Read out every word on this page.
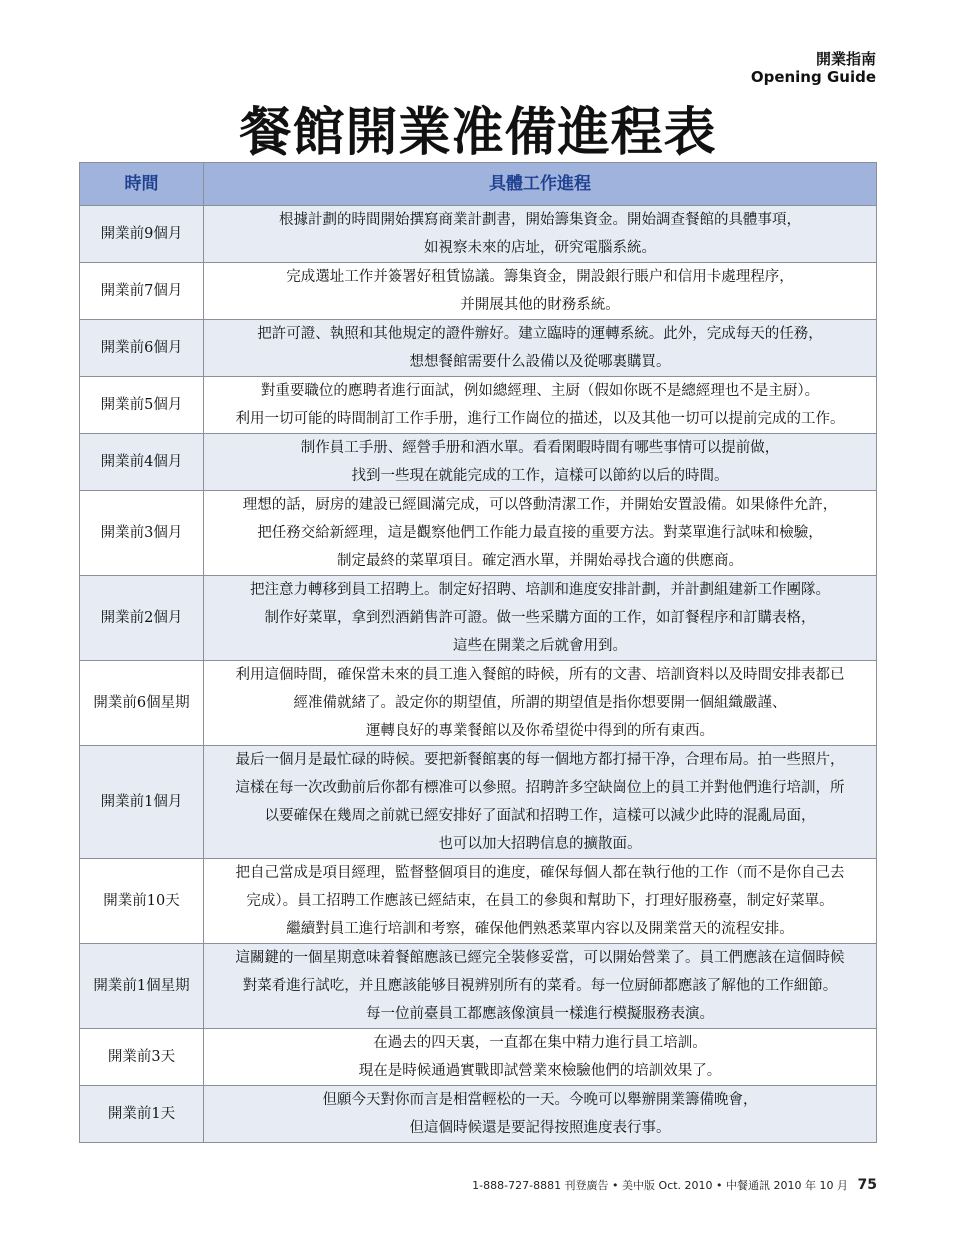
開業指南
Opening Guide
餐館開業准備進程表
時間	具體工作進程
開業前9個月	根據計劃的時間開始撰寫商業計劃書，開始籌集資金。開始調查餐館的具體事項，
如視察未來的店址，研究電腦系統。

開業前7個月	完成選址工作并簽署好租賃協議。籌集資金，開設銀行賬户和信用卡處理程序，
并開展其他的財務系統。

開業前6個月	把許可證、執照和其他規定的證件辦好。建立臨時的運轉系統。此外，完成每天的任務，
想想餐館需要什么設備以及從哪裏購買。

開業前5個月	對重要職位的應聘者進行面試，例如總經理、主厨（假如你既不是總經理也不是主厨）。
利用一切可能的時間制訂工作手册，進行工作崗位的描述，以及其他一切可以提前完成的工作。

開業前4個月	制作員工手册、經營手册和酒水單。看看閑暇時間有哪些事情可以提前做，
找到一些現在就能完成的工作，這樣可以節約以后的時間。

開業前3個月	理想的話，厨房的建設已經圓滿完成，可以啓動清潔工作，并開始安置設備。如果條件允許，
把任務交給新經理，這是觀察他們工作能力最直接的重要方法。對菜單進行試味和檢驗，
制定最終的菜單項目。確定酒水單，并開始尋找合適的供應商。

開業前2個月	把注意力轉移到員工招聘上。制定好招聘、培訓和進度安排計劃，并計劃組建新工作團隊。
制作好菜單，拿到烈酒銷售許可證。做一些采購方面的工作，如訂餐程序和訂購表格，
這些在開業之后就會用到。

開業前6個星期	利用這個時間，確保當未來的員工進入餐館的時候，所有的文書、培訓資料以及時間安排表都已
經准備就緒了。設定你的期望值，所謂的期望值是指你想要開一個組織嚴謹、
運轉良好的專業餐館以及你希望從中得到的所有東西。

開業前1個月	最后一個月是最忙碌的時候。要把新餐館裏的每一個地方都打掃干净，合理布局。拍一些照片，
這樣在每一次改動前后你都有標准可以參照。招聘許多空缺崗位上的員工并對他們進行培訓，所
以要確保在幾周之前就已經安排好了面試和招聘工作，這樣可以減少此時的混亂局面，
也可以加大招聘信息的擴散面。

開業前10天	把自己當成是項目經理，監督整個項目的進度，確保每個人都在執行他的工作（而不是你自己去
完成）。員工招聘工作應該已經結束，在員工的參與和幫助下，打理好服務臺，制定好菜單。
繼續對員工進行培訓和考察，確保他們熟悉菜單内容以及開業當天的流程安排。

開業前1個星期	這關鍵的一個星期意味着餐館應該已經完全裝修妥當，可以開始營業了。員工們應該在這個時候
對菜肴進行試吃，并且應該能够目視辨别所有的菜肴。每一位厨師都應該了解他的工作細節。
每一位前臺員工都應該像演員一樣進行模擬服務表演。

開業前3天	在過去的四天裏，一直都在集中精力進行員工培訓。
現在是時候通過實戰即試營業來檢驗他們的培訓效果了。

開業前1天	但願今天對你而言是相當輕松的一天。今晚可以舉辦開業籌備晚會，
但這個時候還是要記得按照進度表行事。
1-888-727-8881 刊登廣告 • 美中版 Oct. 2010 • 中餐通訊 2010 年 10 月 75
